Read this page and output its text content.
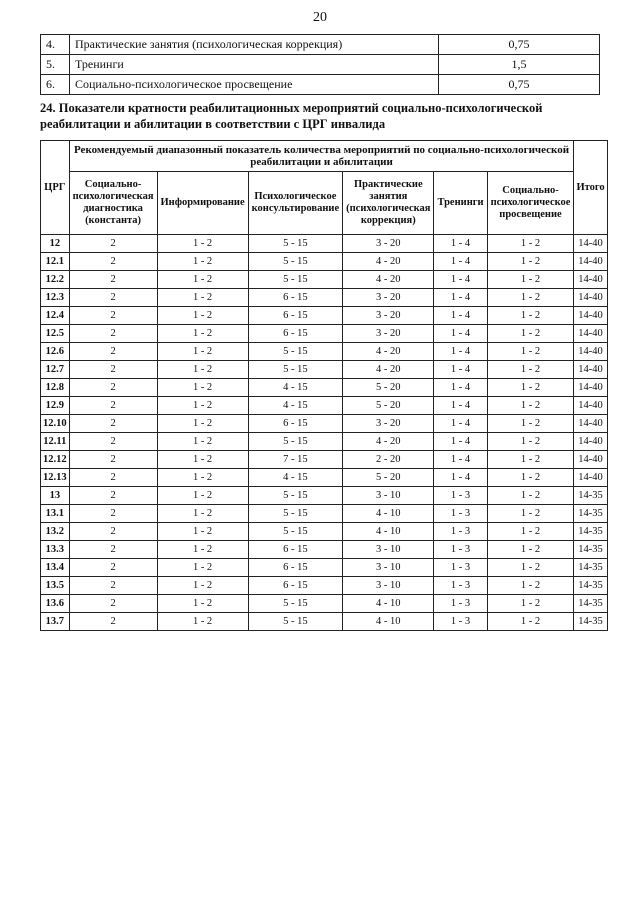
20
4.	Практические занятия (психологическая коррекция)	0,75
5.	Тренинги	1,5
6.	Социально-психологическое просвещение	0,75
24. Показатели кратности реабилитационных мероприятий социально-психологической реабилитации и абилитации в соответствии с ЦРГ инвалида
ЦРГ	Рекомендуемый диапазонный показатель количества мероприятий по социально-психологической реабилитации и абилитации						Итого
	Социально-психологическая диагностика (константа)	Информирование	Психологическое консультирование	Практические занятия (психологическая коррекция)	Тренинги	Социально-психологическое просвещение	
12	2	1 - 2	5 - 15	3 - 20	1 - 4	1 - 2	14-40
12.1	2	1 - 2	5 - 15	4 - 20	1 - 4	1 - 2	14-40
12.2	2	1 - 2	5 - 15	4 - 20	1 - 4	1 - 2	14-40
12.3	2	1 - 2	6 - 15	3 - 20	1 - 4	1 - 2	14-40
12.4	2	1 - 2	6 - 15	3 - 20	1 - 4	1 - 2	14-40
12.5	2	1 - 2	6 - 15	3 - 20	1 - 4	1 - 2	14-40
12.6	2	1 - 2	5 - 15	4 - 20	1 - 4	1 - 2	14-40
12.7	2	1 - 2	5 - 15	4 - 20	1 - 4	1 - 2	14-40
12.8	2	1 - 2	4 - 15	5 - 20	1 - 4	1 - 2	14-40
12.9	2	1 - 2	4 - 15	5 - 20	1 - 4	1 - 2	14-40
12.10	2	1 - 2	6 - 15	3 - 20	1 - 4	1 - 2	14-40
12.11	2	1 - 2	5 - 15	4 - 20	1 - 4	1 - 2	14-40
12.12	2	1 - 2	7 - 15	2 - 20	1 - 4	1 - 2	14-40
12.13	2	1 - 2	4 - 15	5 - 20	1 - 4	1 - 2	14-40
13	2	1 - 2	5 - 15	3 - 10	1 - 3	1 - 2	14-35
13.1	2	1 - 2	5 - 15	4 - 10	1 - 3	1 - 2	14-35
13.2	2	1 - 2	5 - 15	4 - 10	1 - 3	1 - 2	14-35
13.3	2	1 - 2	6 - 15	3 - 10	1 - 3	1 - 2	14-35
13.4	2	1 - 2	6 - 15	3 - 10	1 - 3	1 - 2	14-35
13.5	2	1 - 2	6 - 15	3 - 10	1 - 3	1 - 2	14-35
13.6	2	1 - 2	5 - 15	4 - 10	1 - 3	1 - 2	14-35
13.7	2	1 - 2	5 - 15	4 - 10	1 - 3	1 - 2	14-35
